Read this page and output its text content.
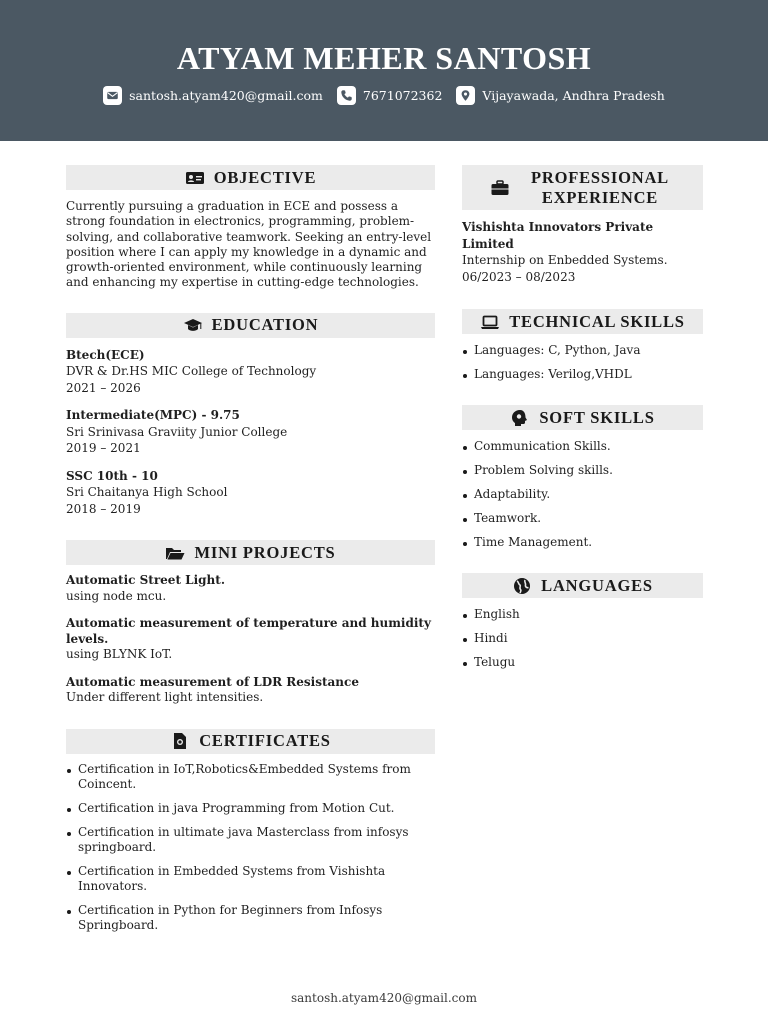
ATYAM MEHER SANTOSH
santosh.atyam420@gmail.com	7671072362	Vijayawada, Andhra Pradesh
OBJECTIVE

Currently pursuing a graduation in ECE and possess a strong foundation in electronics, programming, problem-solving, and collaborative teamwork. Seeking an entry-level position where I can apply my knowledge in a dynamic and growth-oriented environment, while continuously learning and enhancing my expertise in cutting-edge technologies.

EDUCATION
Btech(ECE)
DVR & Dr.HS MIC College of Technology
2021 – 2026
Intermediate(MPC) - 9.75
Sri Srinivasa Graviity Junior College
2019 – 2021
SSC 10th - 10
Sri Chaitanya High School
2018 – 2019
MINI PROJECTS
Automatic Street Light.
using node mcu.
Automatic measurement of temperature and humidity levels.
using BLYNK IoT.
Automatic measurement of LDR Resistance
Under different light intensities.
CERTIFICATES
Certification in IoT,Robotics&Embedded Systems from Coincent.
Certification in java Programming from Motion Cut.
Certification in ultimate java Masterclass from infosys springboard.
Certification in Embedded Systems from Vishishta Innovators.
Certification in Python for Beginners from Infosys Springboard.
PROFESSIONAL
EXPERIENCE
Vishishta Innovators Private Limited
Internship on Enbedded Systems.
06/2023 – 08/2023
TECHNICAL SKILLS
Languages: C, Python, Java
Languages: Verilog,VHDL
SOFT SKILLS
Communication Skills.
Problem Solving skills.
Adaptability.
Teamwork.
Time Management.
LANGUAGES
English
Hindi
Telugu
santosh.atyam420@gmail.com
